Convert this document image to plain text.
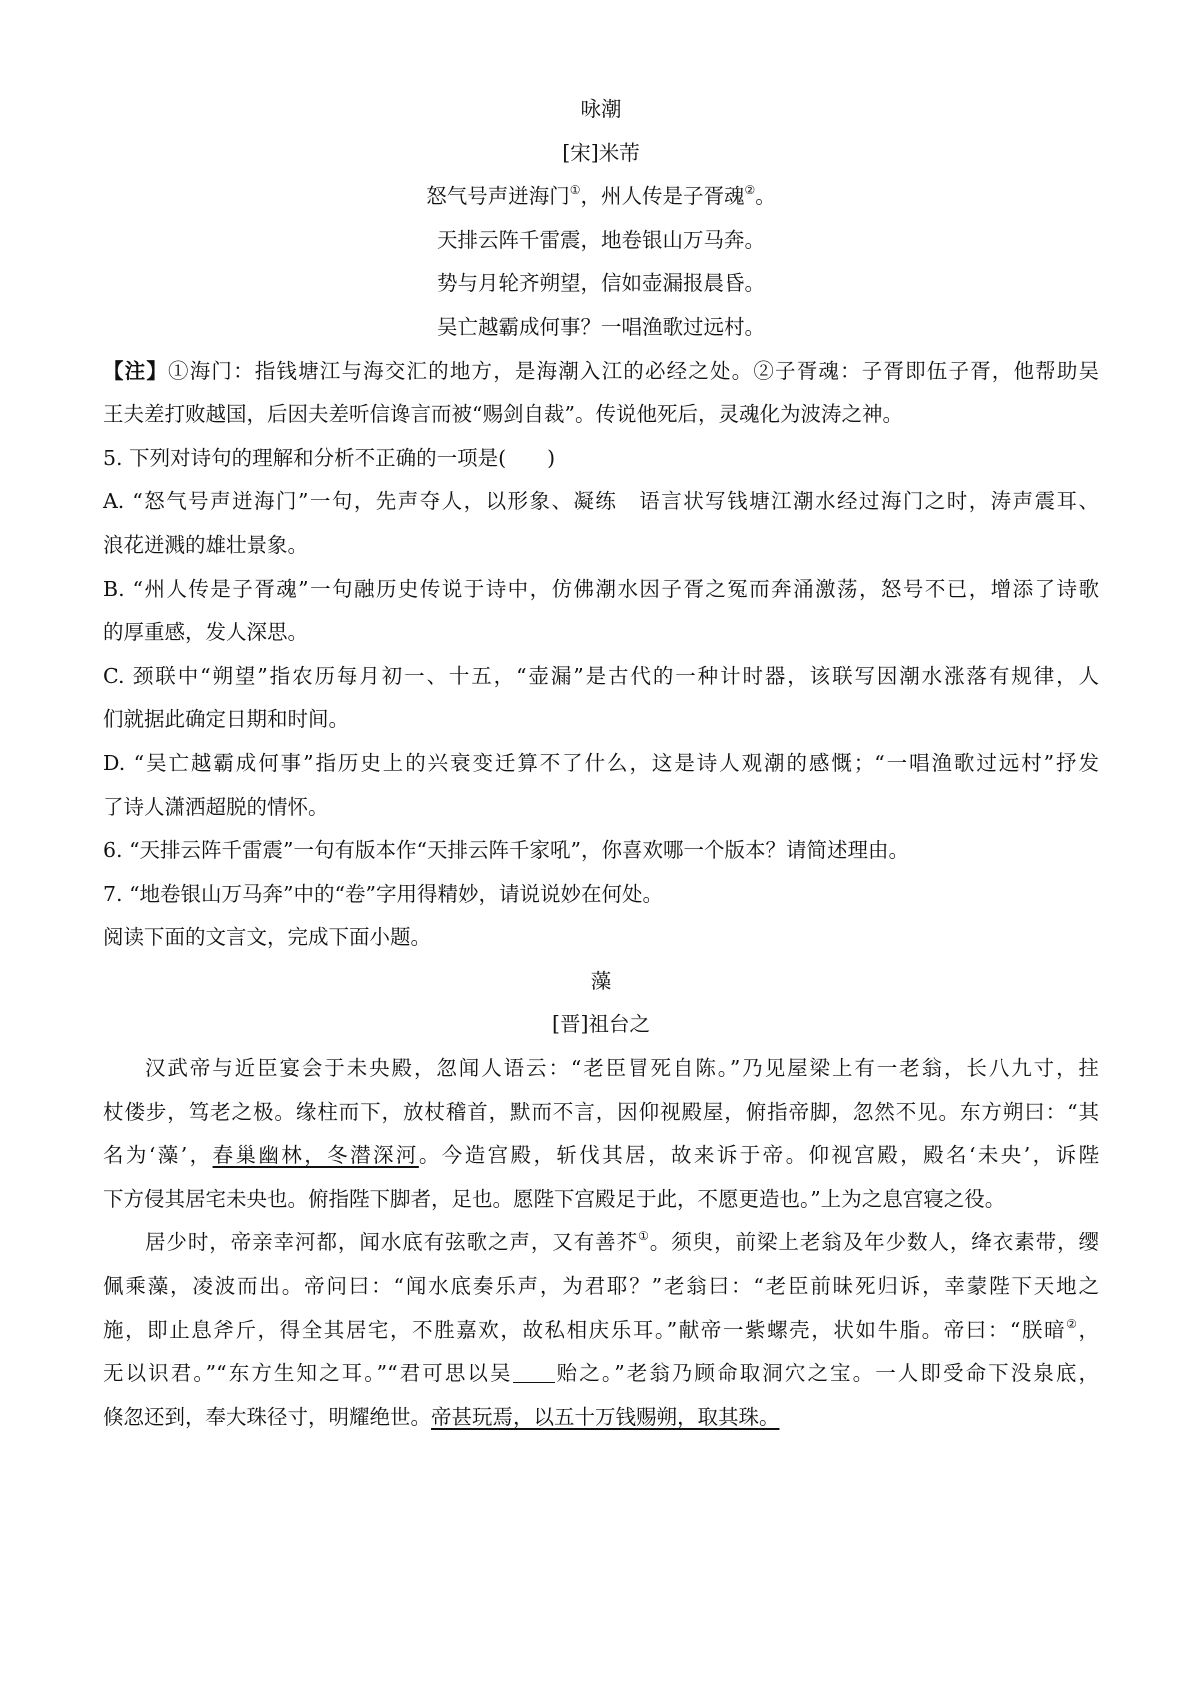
咏潮
[宋]米芾
怒气号声迸海门①，州人传是子胥魂②。
天排云阵千雷震，地卷银山万马奔。
势与月轮齐朔望，信如壶漏报晨昏。
吴亡越霸成何事？一唱渔歌过远村。
【注】①海门：指钱塘江与海交汇的地方，是海潮入江的必经之处。②子胥魂：子胥即伍子胥，他帮助吴
王夫差打败越国，后因夫差听信谗言而被“赐剑自裁”。传说他死后，灵魂化为波涛之神。
5. 下列对诗句的理解和分析不正确的一项是(　　)
A. “怒气号声迸海门”一句，先声夺人，以形象、凝练　语言状写钱塘江潮水经过海门之时，涛声震耳、
浪花迸溅的雄壮景象。
B. “州人传是子胥魂”一句融历史传说于诗中，仿佛潮水因子胥之冤而奔涌激荡，怒号不已，增添了诗歌
的厚重感，发人深思。
C. 颈联中“朔望”指农历每月初一、十五，“壶漏”是古代的一种计时器，该联写因潮水涨落有规律，人
们就据此确定日期和时间。
D. “吴亡越霸成何事”指历史上的兴衰变迁算不了什么，这是诗人观潮的感慨；“一唱渔歌过远村”抒发
了诗人潇洒超脱的情怀。
6. “天排云阵千雷震”一句有版本作“天排云阵千家吼”，你喜欢哪一个版本？请简述理由。
7. “地卷银山万马奔”中的“卷”字用得精妙，请说说妙在何处。
阅读下面的文言文，完成下面小题。
藻
[晋]祖台之
汉武帝与近臣宴会于未央殿，忽闻人语云：“老臣冒死自陈。”乃见屋梁上有一老翁，长八九寸，拄
杖偻步，笃老之极。缘柱而下，放杖稽首，默而不言，因仰视殿屋，俯指帝脚，忽然不见。东方朔曰：“其
名为‘藻’，春巢幽林，冬潜深河。今造宫殿，斩伐其居，故来诉于帝。仰视宫殿，殿名‘未央’，诉陛
下方侵其居宅未央也。俯指陛下脚者，足也。愿陛下宫殿足于此，不愿更造也。”上为之息宫寝之役。
居少时，帝亲幸河都，闻水底有弦歌之声，又有善芥①。须臾，前梁上老翁及年少数人，绛衣素带，缨
佩乘藻，凌波而出。帝问曰：“闻水底奏乐声，为君耶？”老翁曰：“老臣前昧死归诉，幸蒙陛下天地之
施，即止息斧斤，得全其居宅，不胜嘉欢，故私相庆乐耳。”献帝一紫螺壳，状如牛脂。帝曰：“朕暗②，
无以识君。”“东方生知之耳。”“君可思以吴 贻之。”老翁乃顾命取洞穴之宝。一人即受命下没泉底，
倏忽还到，奉大珠径寸，明耀绝世。帝甚玩焉，以五十万钱赐朔，取其珠。
